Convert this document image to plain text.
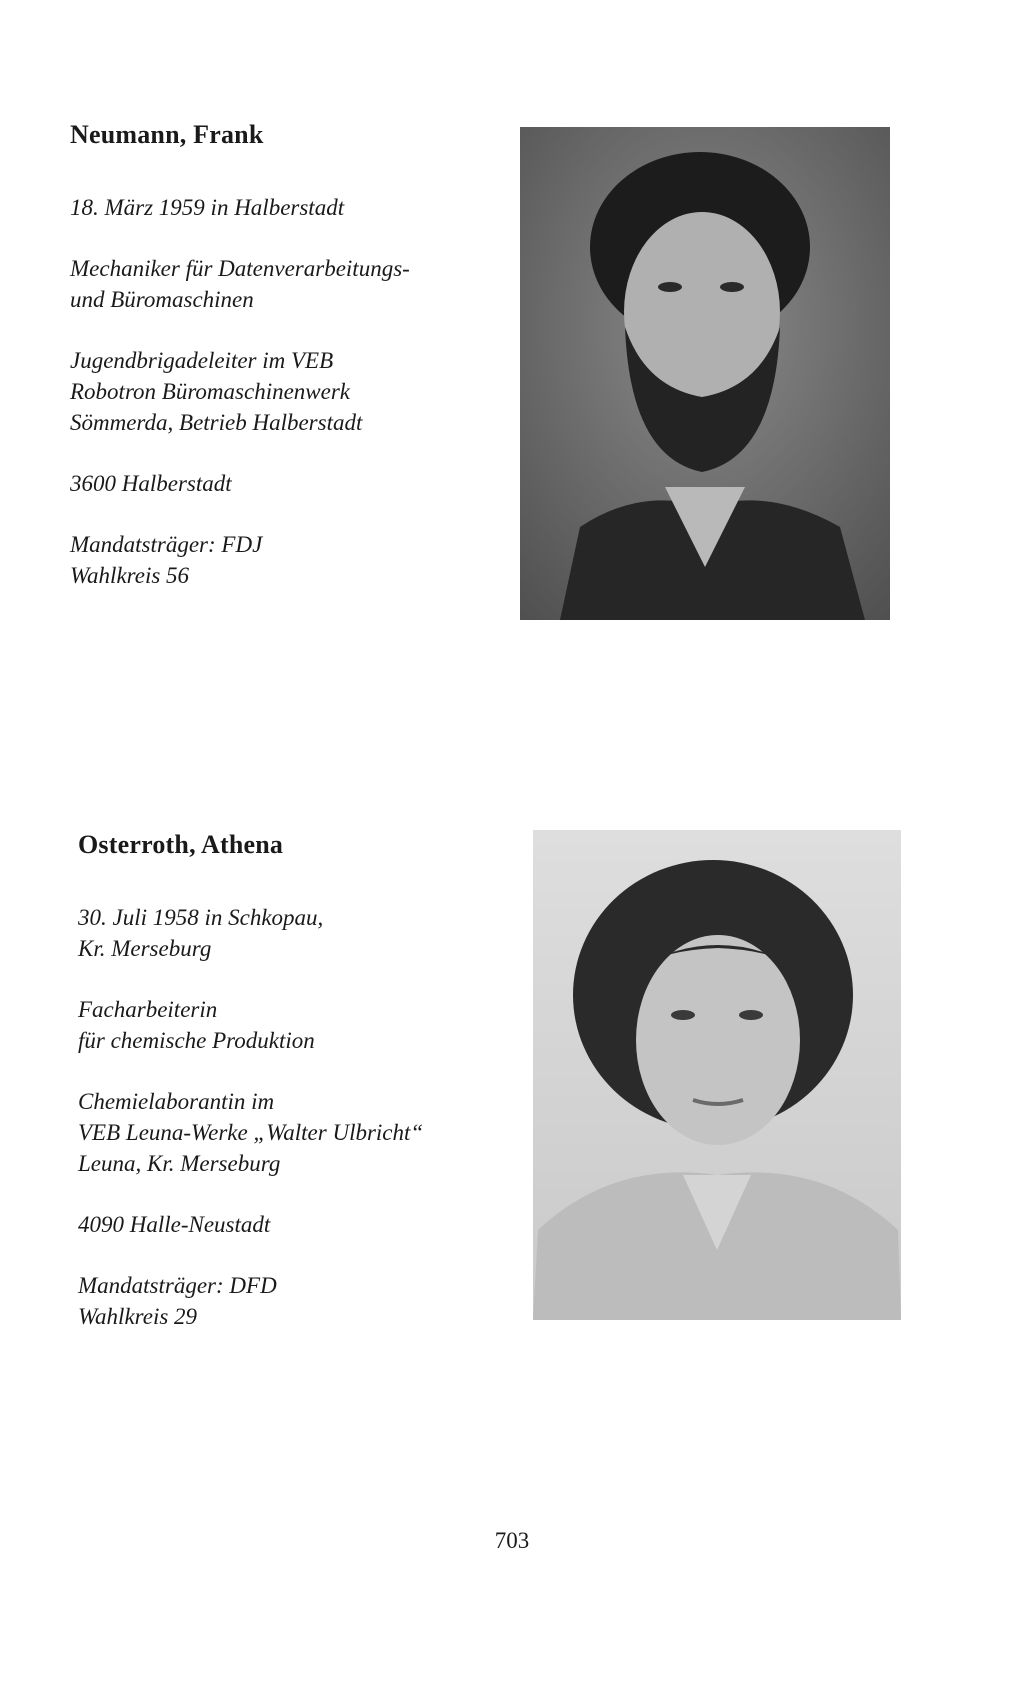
Neumann, Frank
18. März 1959 in Halberstadt
Mechaniker für Datenverarbeitungs-
und Büromaschinen
Jugendbrigadeleiter im VEB
Robotron Büromaschinenwerk
Sömmerda, Betrieb Halberstadt
3600 Halberstadt
Mandatsträger: FDJ
Wahlkreis 56
Osterroth, Athena
30. Juli 1958 in Schkopau,
Kr. Merseburg
Facharbeiterin
für chemische Produktion
Chemielaborantin im
VEB Leuna-Werke „Walter Ulbricht“
Leuna, Kr. Merseburg
4090 Halle-Neustadt
Mandatsträger: DFD
Wahlkreis 29
703
